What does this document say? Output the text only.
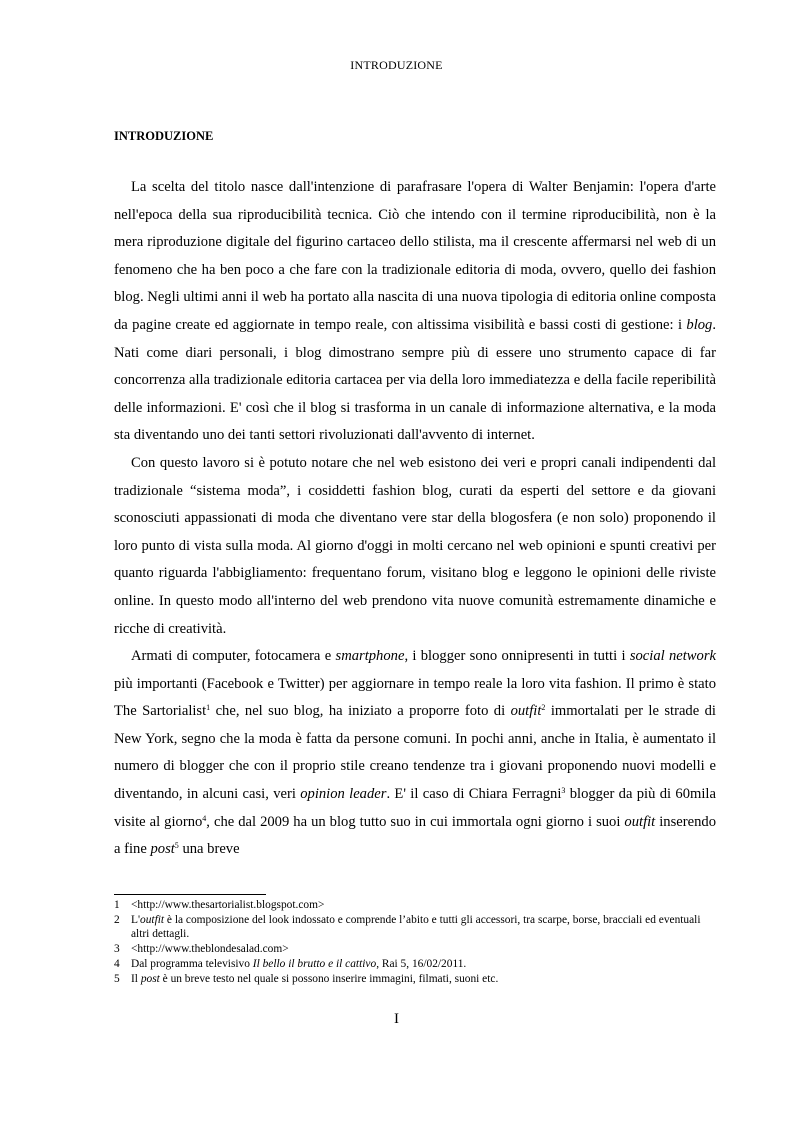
INTRODUZIONE
INTRODUZIONE

La scelta del titolo nasce dall'intenzione di parafrasare l'opera di Walter Benjamin: l'opera d'arte nell'epoca della sua riproducibilità tecnica. Ciò che intendo con il termine riproducibilità, non è la mera riproduzione digitale del figurino cartaceo dello stilista, ma il crescente affermarsi nel web di un fenomeno che ha ben poco a che fare con la tradizionale editoria di moda, ovvero, quello dei fashion blog. Negli ultimi anni il web ha portato alla nascita di una nuova tipologia di editoria online composta da pagine create ed aggiornate in tempo reale, con altissima visibilità e bassi costi di gestione: i blog. Nati come diari personali, i blog dimostrano sempre più di essere uno strumento capace di far concorrenza alla tradizionale editoria cartacea per via della loro immediatezza e della facile reperibilità delle informazioni. E' così che il blog si trasforma in un canale di informazione alternativa, e la moda sta diventando uno dei tanti settori rivoluzionati dall'avvento di internet.

Con questo lavoro si è potuto notare che nel web esistono dei veri e propri canali indipendenti dal tradizionale “sistema moda”, i cosiddetti fashion blog, curati da esperti del settore e da giovani sconosciuti appassionati di moda che diventano vere star della blogosfera (e non solo) proponendo il loro punto di vista sulla moda. Al giorno d'oggi in molti cercano nel web opinioni e spunti creativi per quanto riguarda l'abbigliamento: frequentano forum, visitano blog e leggono le opinioni delle riviste online. In questo modo all'interno del web prendono vita nuove comunità estremamente dinamiche e ricche di creatività.

Armati di computer, fotocamera e smartphone, i blogger sono onnipresenti in tutti i social network più importanti (Facebook e Twitter) per aggiornare in tempo reale la loro vita fashion. Il primo è stato The Sartorialist$^1$ che, nel suo blog, ha iniziato a proporre foto di outfit$^2$ immortalati per le strade di New York, segno che la moda è fatta da persone comuni. In pochi anni, anche in Italia, è aumentato il numero di blogger che con il proprio stile creano tendenze tra i giovani proponendo nuovi modelli e diventando, in alcuni casi, veri opinion leader. E' il caso di Chiara Ferragni$^3$ blogger da più di 60mila visite al giorno$^4$, che dal 2009 ha un blog tutto suo in cui immortala ogni giorno i suoi outfit inserendo a fine post$^5$ una breve

1 <http://www.thesartorialist.blogspot.com>
2 L'outfit è la composizione del look indossato e comprende l’abito e tutti gli accessori, tra scarpe, borse, bracciali ed eventuali altri dettagli.
3 <http://www.theblondesalad.com>
4 Dal programma televisivo Il bello il brutto e il cattivo, Rai 5, 16/02/2011.
5 Il post è un breve testo nel quale si possono inserire immagini, filmati, suoni etc.
I
